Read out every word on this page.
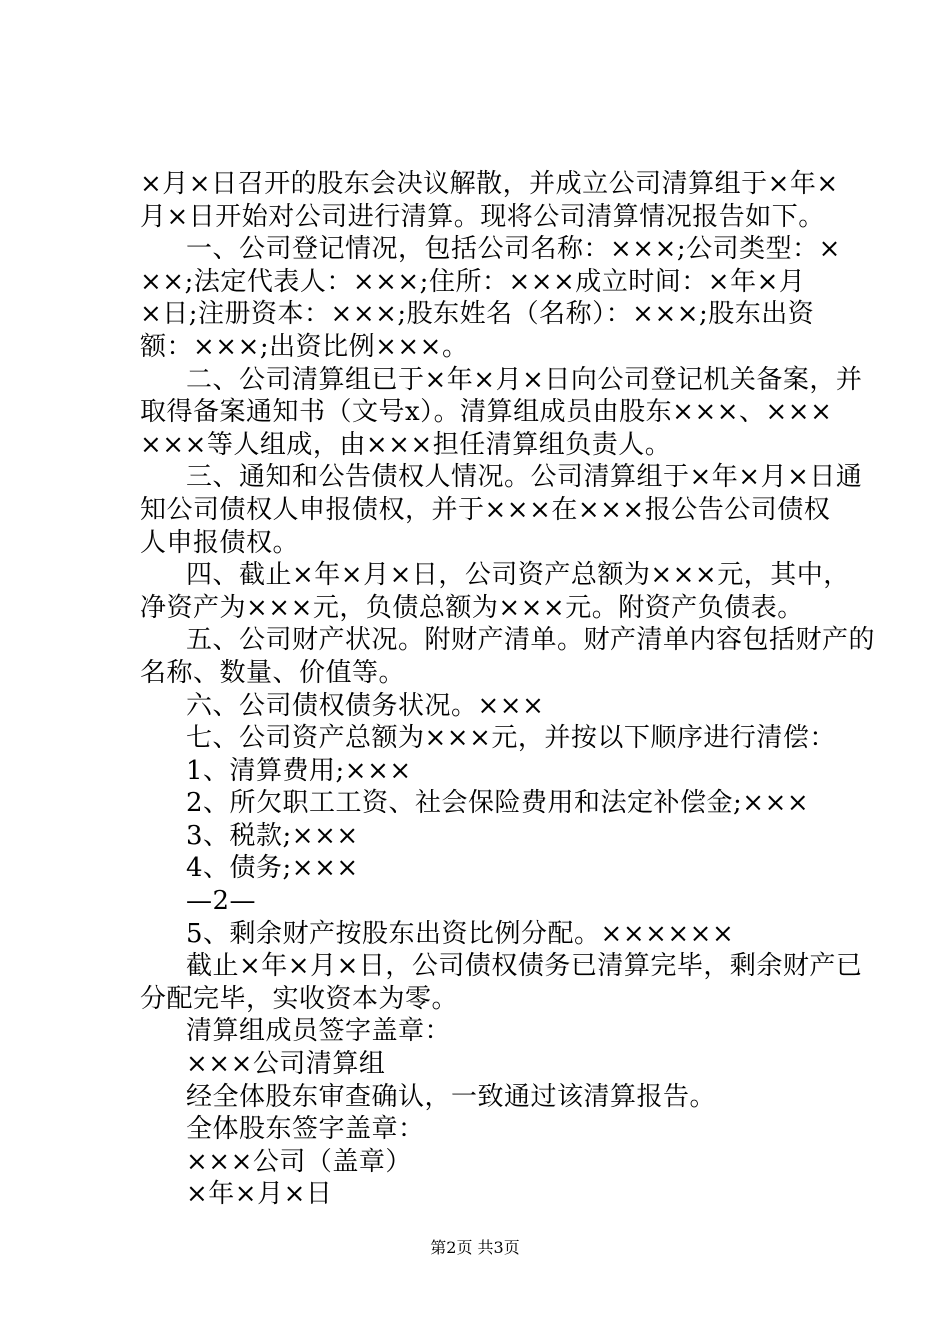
×月×日召开的股东会决议解散，并成立公司清算组于×年×
月×日开始对公司进行清算。现将公司清算情况报告如下。
一、公司登记情况，包括公司名称：×××;公司类型：×
××;法定代表人：×××;住所：×××成立时间：×年×月
×日;注册资本：×××;股东姓名（名称）：×××;股东出资
额：×××;出资比例×××。
二、公司清算组已于×年×月×日向公司登记机关备案，并
取得备案通知书（文号x）。清算组成员由股东×××、×××
×××等人组成，由×××担任清算组负责人。
三、通知和公告债权人情况。公司清算组于×年×月×日通
知公司债权人申报债权，并于×××在×××报公告公司债权
人申报债权。
四、截止×年×月×日，公司资产总额为×××元，其中，
净资产为×××元，负债总额为×××元。附资产负债表。
五、公司财产状况。附财产清单。财产清单内容包括财产的
名称、数量、价值等。
六、公司债权债务状况。×××
七、公司资产总额为×××元，并按以下顺序进行清偿：
1、清算费用;×××
2、所欠职工工资、社会保险费用和法定补偿金;×××
3、税款;×××
4、债务;×××
—2—
5、剩余财产按股东出资比例分配。××××××
截止×年×月×日，公司债权债务已清算完毕，剩余财产已
分配完毕，实收资本为零。
清算组成员签字盖章：
×××公司清算组
经全体股东审查确认，一致通过该清算报告。
全体股东签字盖章：
×××公司（盖章）
×年×月×日
第2页 共3页
